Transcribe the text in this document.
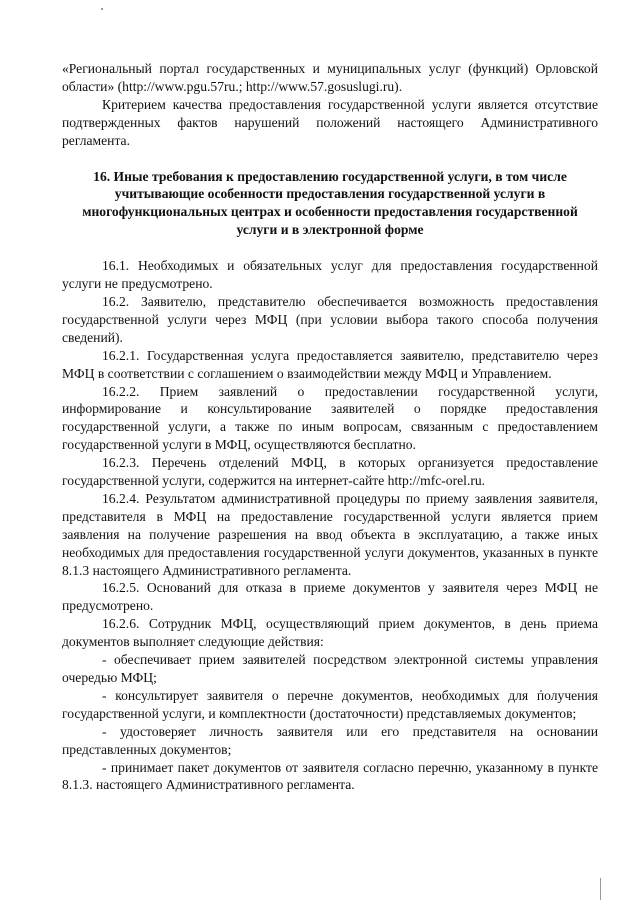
«Региональный портал государственных и муниципальных услуг (функций) Орловской области» (http://www.pgu.57ru.; http://www.57.gosuslugi.ru).

Критерием качества предоставления государственной услуги является отсутствие подтвержденных фактов нарушений положений настоящего Административного регламента.

16. Иные требования к предоставлению государственной услуги, в том числе учитывающие особенности предоставления государственной услуги в многофункциональных центрах и особенности предоставления государственной услуги и в электронной форме

16.1. Необходимых и обязательных услуг для предоставления государственной услуги не предусмотрено.

16.2. Заявителю, представителю обеспечивается возможность предоставления государственной услуги через МФЦ (при условии выбора такого способа получения сведений).

16.2.1. Государственная услуга предоставляется заявителю, представителю через МФЦ в соответствии с соглашением о взаимодействии между МФЦ и Управлением.

16.2.2. Прием заявлений о предоставлении государственной услуги, информирование и консультирование заявителей о порядке предоставления государственной услуги, а также по иным вопросам, связанным с предоставлением государственной услуги в МФЦ, осуществляются бесплатно.

16.2.3. Перечень отделений МФЦ, в которых организуется предоставление государственной услуги, содержится на интернет-сайте http://mfc-orel.ru.

16.2.4. Результатом административной процедуры по приему заявления заявителя, представителя в МФЦ на предоставление государственной услуги является прием заявления на получение разрешения на ввод объекта в эксплуатацию, а также иных необходимых для предоставления государственной услуги документов, указанных в пункте 8.1.3 настоящего Административного регламента.

16.2.5. Оснований для отказа в приеме документов у заявителя через МФЦ не предусмотрено.

16.2.6. Сотрудник МФЦ, осуществляющий прием документов, в день приема документов выполняет следующие действия:

- обеспечивает прием заявителей посредством электронной системы управления очередью МФЦ;

- консультирует заявителя о перечне документов, необходимых для получения государственной услуги, и комплектности (достаточности) представляемых документов;

- удостоверяет личность заявителя или его представителя на основании представленных документов;

- принимает пакет документов от заявителя согласно перечню, указанному в пункте 8.1.3. настоящего Административного регламента.
